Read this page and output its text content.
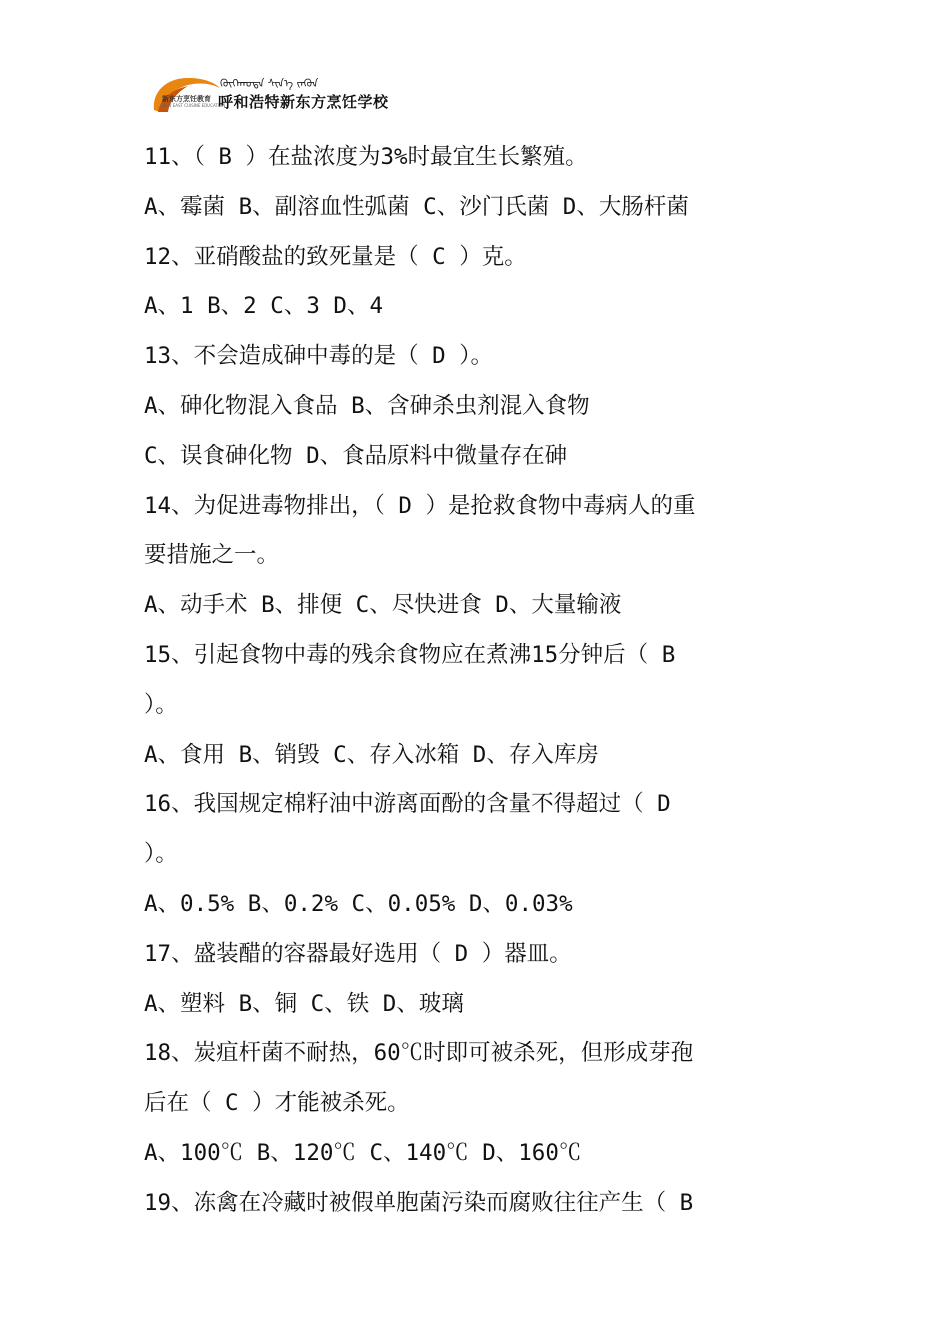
新东方烹饪教育
NEW EAST CUISINE EDUCATION
ᠬᠥᠬᠡᠬᠣᠲᠠ ᠰᠢᠨ᠎ᠡ ᠵᠡᠭᠦᠨ
呼和浩特新东方烹饪学校
11、（ B ）在盐浓度为3%时最宜生长繁殖。
A、霉菌 B、副溶血性弧菌 C、沙门氏菌 D、大肠杆菌
12、亚硝酸盐的致死量是（ C ）克。
A、1 B、2 C、3 D、4
13、不会造成砷中毒的是（ D ）。
A、砷化物混入食品 B、含砷杀虫剂混入食物
C、误食砷化物 D、食品原料中微量存在砷
14、为促进毒物排出，（ D ）是抢救食物中毒病人的重
要措施之一。
A、动手术 B、排便 C、尽快进食 D、大量输液
15、引起食物中毒的残余食物应在煮沸15分钟后（ B
）。
A、食用 B、销毁 C、存入冰箱 D、存入库房
16、我国规定棉籽油中游离面酚的含量不得超过（ D
）。
A、0.5% B、0.2% C、0.05% D、0.03%
17、盛装醋的容器最好选用（ D ）器皿。
A、塑料 B、铜 C、铁 D、玻璃
18、炭疽杆菌不耐热，60℃时即可被杀死，但形成芽孢
后在（ C ）才能被杀死。
A、100℃ B、120℃ C、140℃ D、160℃
19、冻禽在冷藏时被假单胞菌污染而腐败往往产生（ B
